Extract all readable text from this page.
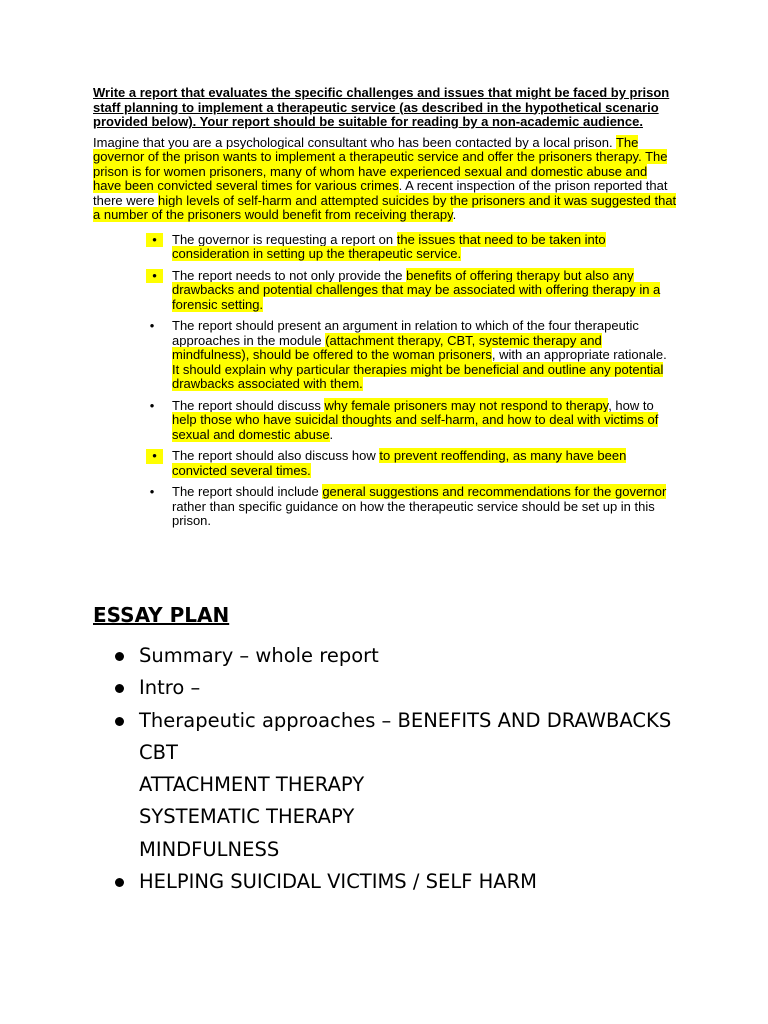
Write a report that evaluates the specific challenges and issues that might be faced by prison staff planning to implement a therapeutic service (as described in the hypothetical scenario provided below). Your report should be suitable for reading by a non-academic audience.

Imagine that you are a psychological consultant who has been contacted by a local prison. The governor of the prison wants to implement a therapeutic service and offer the prisoners therapy. The prison is for women prisoners, many of whom have experienced sexual and domestic abuse and have been convicted several times for various crimes. A recent inspection of the prison reported that there were high levels of self-harm and attempted suicides by the prisoners and it was suggested that a number of the prisoners would benefit from receiving therapy.

•	The governor is requesting a report on the issues that need to be taken into consideration in setting up the therapeutic service.
•	The report needs to not only provide the benefits of offering therapy but also any drawbacks and potential challenges that may be associated with offering therapy in a forensic setting.
• The report should present an argument in relation to which of the four therapeutic approaches in the module (attachment therapy, CBT, systemic therapy and mindfulness), should be offered to the woman prisoners, with an appropriate rationale. It should explain why particular therapies might be beneficial and outline any potential drawbacks associated with them.
• The report should discuss why female prisoners may not respond to therapy, how to help those who have suicidal thoughts and self-harm, and how to deal with victims of sexual and domestic abuse.
•	The report should also discuss how to prevent reoffending, as many have been convicted several times.
• The report should include general suggestions and recommendations for the governor rather than specific guidance on how the therapeutic service should be set up in this prison.
ESSAY PLAN
Summary – whole report
Intro –
Therapeutic approaches – BENEFITS AND DRAWBACKS
CBT
ATTACHMENT THERAPY
SYSTEMATIC THERAPY
MINDFULNESS
HELPING SUICIDAL VICTIMS / SELF HARM
